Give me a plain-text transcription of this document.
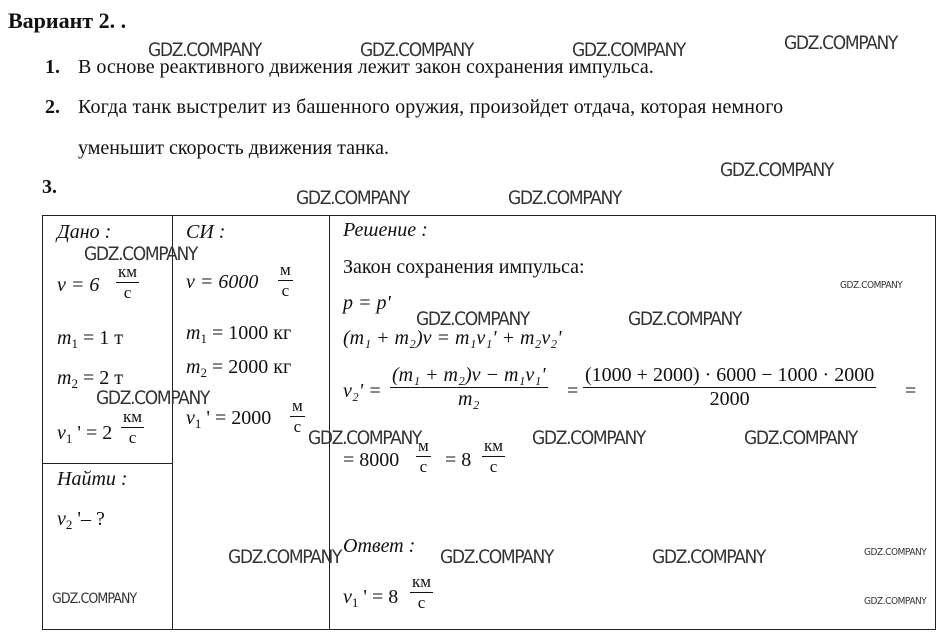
Вариант 2. .
1. В основе реактивного движения лежит закон сохранения импульса.
2. Когда танк выстрелит из башенного оружия, произойдет отдача, которая немного
уменьшит скорость движения танка.
3.
Дано :
v = 6
км
с
$m_1 = 1$ т
$m_2 = 2$ т
$v_1$ ' = 2
км
с
Найти :
$v_2$ '– ?
СИ :
v = 6000
м
с
$m_1 = 1000$ кг
$m_2 = 2000$ кг
$v_1$ ' = 2000
м
с
Решение :
Закон сохранения импульса:
p = p'
(m₁ + m₂)v = m₁v₁' + m₂v₂'
$v_2' = \frac{\text{(m₁ + m₂)v − m₁v₁'}}{\text{m₂}} = \frac{(1000 + 2000) \cdot 6000 - 1000 \cdot 2000}{2000}$ =
= 8000
м
с = 8
км
с
Ответ :
$v_1$ ' = 8
км
с
GDZ.COMPANY	GDZ.COMPANY	GDZ.COMPANY	GDZ.COMPANY
GDZ.COMPANY
GDZ.COMPANY	GDZ.COMPANY
GDZ.COMPANY
GDZ.COMPANY	GDZ.COMPANY
GDZ.COMPANY
GDZ.COMPANY	GDZ.COMPANY	GDZ.COMPANY
GDZ.COMPANY	GDZ.COMPANY	GDZ.COMPANY
GDZ.COMPANY
GDZ.COMPANY
GDZ.COMPANY
GDZ.COMPANY
